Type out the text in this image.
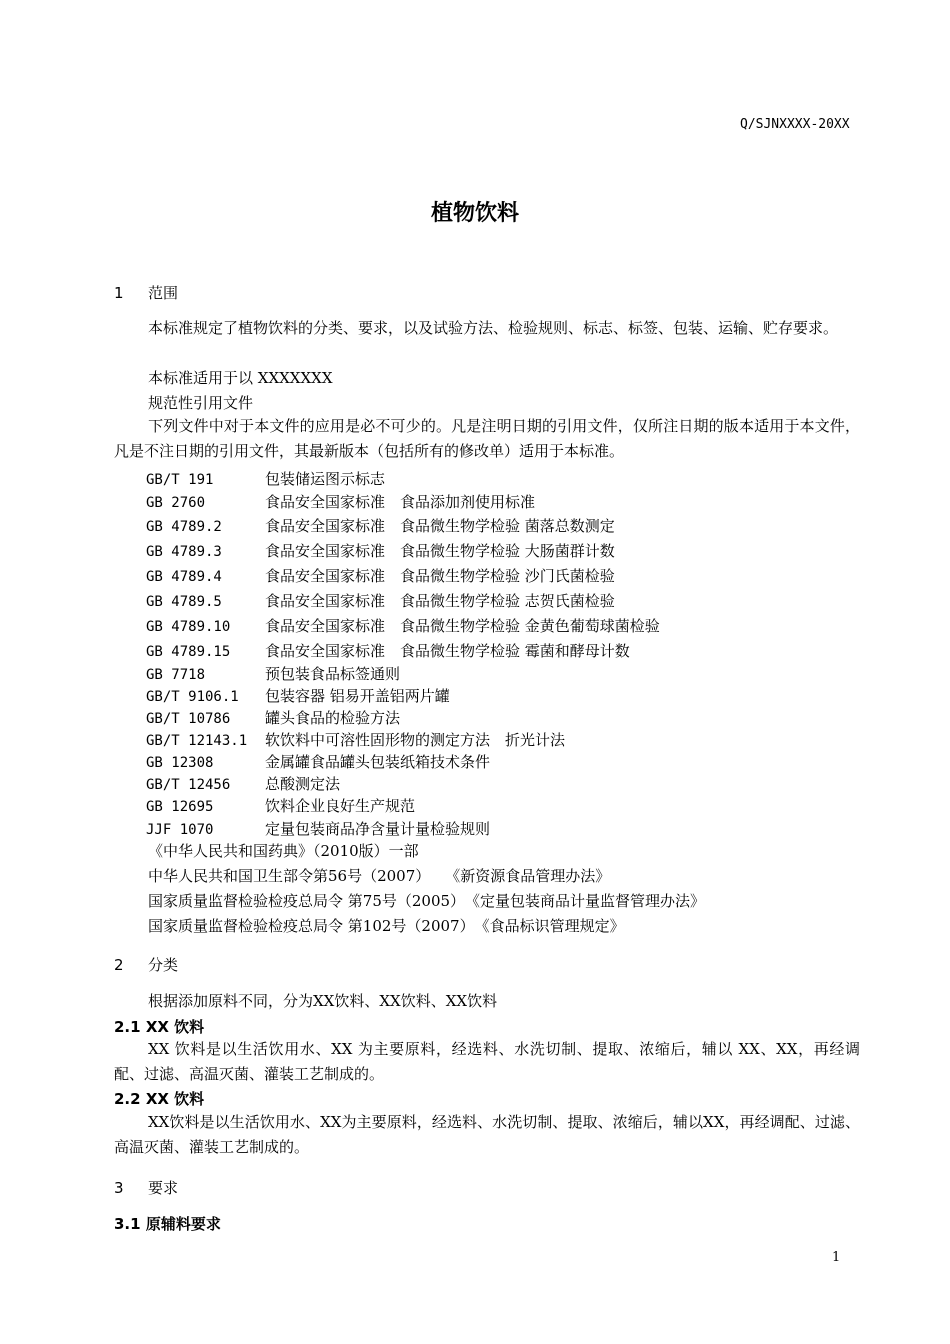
Q/SJNXXXX-20XX
植物饮料
1 范围
本标准规定了植物饮料的分类、要求，以及试验方法、检验规则、标志、标签、包装、运输、贮存要求。
本标准适用于以 XXXXXXX
规范性引用文件
下列文件中对于本文件的应用是必不可少的。凡是注明日期的引用文件，仅所注日期的版本适用于本文件，凡是不注日期的引用文件，其最新版本（包括所有的修改单）适用于本标准。
GB/T 191	包装储运图示标志
GB 2760	食品安全国家标准　食品添加剂使用标准
GB 4789.2	食品安全国家标准　食品微生物学检验 菌落总数测定
GB 4789.3	食品安全国家标准　食品微生物学检验 大肠菌群计数
GB 4789.4	食品安全国家标准　食品微生物学检验 沙门氏菌检验
GB 4789.5	食品安全国家标准　食品微生物学检验 志贺氏菌检验
GB 4789.10 食品安全国家标准　食品微生物学检验 金黄色葡萄球菌检验
GB 4789.15 食品安全国家标准　食品微生物学检验 霉菌和酵母计数
GB 7718	预包装食品标签通则
GB/T 9106.1 包装容器 铝易开盖铝两片罐
GB/T 10786 罐头食品的检验方法
GB/T 12143.1 软饮料中可溶性固形物的测定方法　折光计法
GB 12308	金属罐食品罐头包装纸箱技术条件
GB/T 12456 总酸测定法
GB 12695	饮料企业良好生产规范
JJF 1070	定量包装商品净含量计量检验规则
《中华人民共和国药典》（2010版）一部
中华人民共和国卫生部令第56号（2007）　　《新资源食品管理办法》
国家质量监督检验检疫总局令 第75号（2005）　《定量包装商品计量监督管理办法》
国家质量监督检验检疫总局令 第102号（2007）　《食品标识管理规定》
2 分类
根据添加原料不同，分为XX饮料、XX饮料、XX饮料
2.1 XX 饮料
XX 饮料是以生活饮用水、XX 为主要原料，经选料、水洗切制、提取、浓缩后，辅以 XX、XX，再经调配、过滤、高温灭菌、灌装工艺制成的。
2.2 XX 饮料
XX饮料是以生活饮用水、XX为主要原料，经选料、水洗切制、提取、浓缩后，辅以XX，再经调配、过滤、高温灭菌、灌装工艺制成的。
3 要求
3.1 原辅料要求
1
